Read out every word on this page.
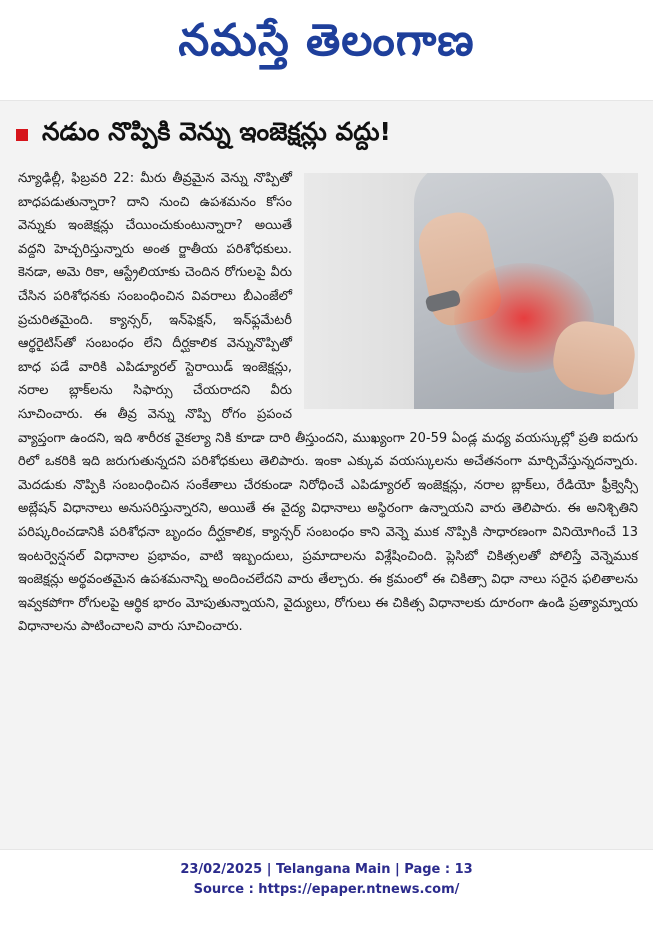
నమస్తే తెలంగాణ
నడుం నొప్పికి వెన్ను ఇంజెక్షన్లు వద్దు!

న్యూఢిల్లీ, ఫిబ్రవరి 22: మీరు తీవ్రమైన వెన్ను నొప్పితో బాధపడుతున్నారా? దాని నుంచి ఉపశమనం కోసం వెన్నుకు ఇంజెక్షన్లు చేయించుకుంటున్నారా? అయితే వద్దని హెచ్చరిస్తున్నారు అంత ర్జాతీయ పరిశోధకులు. కెనడా, అమె రికా, ఆస్ట్రేలియాకు చెందిన రోగులపై వీరు చేసిన పరిశోధనకు సంబంధించిన వివరాలు బీఎంజేలో ప్రచురితమైంది. క్యాన్సర్, ఇన్‌ఫెక్షన్, ఇన్‌ఫ్లమేటరీ ఆర్థరైటిస్‌తో సంబంధం లేని దీర్ఘకాలిక వెన్నునొప్పితో బాధ పడే వారికి ఎపిడ్యూరల్ స్టెరాయిడ్ ఇంజెక్షన్లు, నరాల బ్లాక్‌లను సిఫార్సు చేయరాదని వీరు సూచించారు. ఈ తీవ్ర వెన్ను నొప్పి రోగం ప్రపంచ వ్యాప్తంగా ఉందని, ఇది శారీరక వైకల్యా నికి కూడా దారి తీస్తుందని, ముఖ్యంగా 20-59 ఏండ్ల మధ్య వయస్కుల్లో ప్రతి ఐదుగు రిలో ఒకరికి ఇది జరుగుతున్నదని పరిశోధకులు తెలిపారు. ఇంకా ఎక్కువ వయస్కులను అచేతనంగా మార్చివేస్తున్నదన్నారు. మెదడుకు నొప్పికి సంబంధించిన సంకేతాలు చేరకుండా నిరోధించే ఎపిడ్యూరల్ ఇంజెక్షన్లు, నరాల బ్లాక్‌లు, రేడియో ఫ్రీక్వెన్సీ అబ్లేషన్ విధానాలు అనుసరిస్తున్నారని, అయితే ఈ వైద్య విధానాలు అస్థిరంగా ఉన్నాయని వారు తెలిపారు. ఈ అనిశ్చితిని పరిష్కరించడానికి పరిశోధనా బృందం దీర్ఘకాలిక, క్యాన్సర్ సంబంధం కాని వెన్నె ముక నొప్పికి సాధారణంగా వినియోగించే 13 ఇంటర్వెన్షనల్ విధానాల ప్రభావం, వాటి ఇబ్బందులు, ప్రమాదాలను విశ్లేషించింది. ప్లెసిబో చికిత్సలతో పోలిస్తే వెన్నెముక ఇంజెక్షన్లు అర్థవంతమైన ఉపశమనాన్ని అందించలేదని వారు తేల్చారు. ఈ క్రమంలో ఈ చికిత్సా విధా నాలు సరైన ఫలితాలను ఇవ్వకపోగా రోగులపై ఆర్థిక భారం మోపుతున్నాయని, వైద్యులు, రోగులు ఈ చికిత్స విధానాలకు దూరంగా ఉండి ప్రత్యామ్నాయ విధానాలను పాటించాలని వారు సూచించారు.

23/02/2025 | Telangana Main | Page : 13
Source : https://epaper.ntnews.com/
